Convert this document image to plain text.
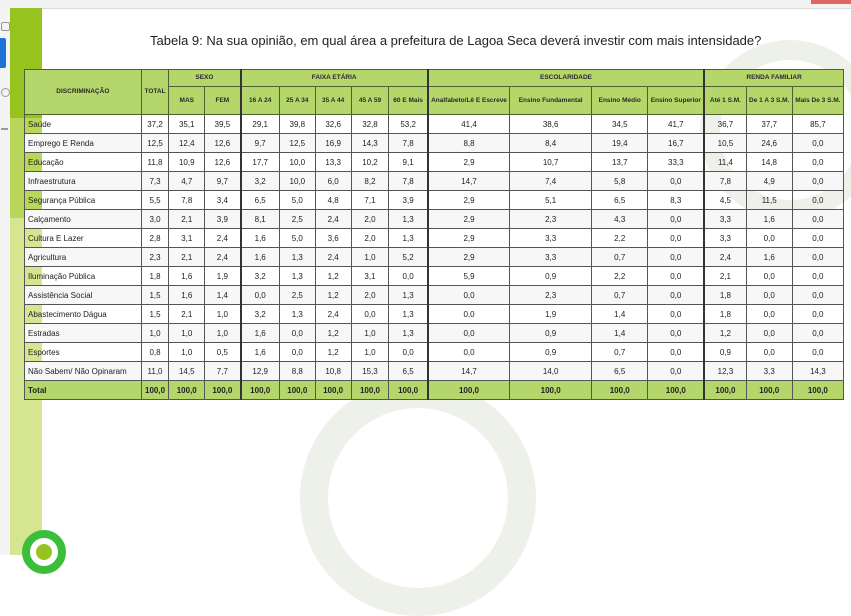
Tabela 9: Na sua opinião, em qual área a prefeitura de Lagoa Seca deverá investir com mais intensidade?
DISCRIMINAÇÃO	TOTAL	SEXO		FAIXA ETÁRIA					ESCOLARIDADE				RENDA FAMILIAR		
		MAS	FEM	16 A 24	25 A 34	35 A 44	45 A 59	60 E Mais	Analfabeto/Lê E Escreve	Ensino Fundamental	Ensino Médio	Ensino Superior	Até 1 S.M.	De 1 A 3 S.M.	Mais De 3 S.M.
Saúde	37,2	35,1	39,5	29,1	39,8	32,6	32,8	53,2	41,4	38,6	34,5	41,7	36,7	37,7	85,7
Emprego E Renda	12,5	12,4	12,6	9,7	12,5	16,9	14,3	7,8	8,8	8,4	19,4	16,7	10,5	24,6	0,0
Educação	11,8	10,9	12,6	17,7	10,0	13,3	10,2	9,1	2,9	10,7	13,7	33,3	11,4	14,8	0,0
Infraestrutura	7,3	4,7	9,7	3,2	10,0	6,0	8,2	7,8	14,7	7,4	5,8	0,0	7,8	4,9	0,0
Segurança Pública	5,5	7,8	3,4	6,5	5,0	4,8	7,1	3,9	2,9	5,1	6,5	8,3	4,5	11,5	0,0
Calçamento	3,0	2,1	3,9	8,1	2,5	2,4	2,0	1,3	2,9	2,3	4,3	0,0	3,3	1,6	0,0
Cultura E Lazer	2,8	3,1	2,4	1,6	5,0	3,6	2,0	1,3	2,9	3,3	2,2	0,0	3,3	0,0	0,0
Agricultura	2,3	2,1	2,4	1,6	1,3	2,4	1,0	5,2	2,9	3,3	0,7	0,0	2,4	1,6	0,0
Iluminação Pública	1,8	1,6	1,9	3,2	1,3	1,2	3,1	0,0	5,9	0,9	2,2	0,0	2,1	0,0	0,0
Assistência Social	1,5	1,6	1,4	0,0	2,5	1,2	2,0	1,3	0,0	2,3	0,7	0,0	1,8	0,0	0,0
Abastecimento Dágua	1,5	2,1	1,0	3,2	1,3	2,4	0,0	1,3	0,0	1,9	1,4	0,0	1,8	0,0	0,0
Estradas	1,0	1,0	1,0	1,6	0,0	1,2	1,0	1,3	0,0	0,9	1,4	0,0	1,2	0,0	0,0
Esportes	0,8	1,0	0,5	1,6	0,0	1,2	1,0	0,0	0,0	0,9	0,7	0,0	0,9	0,0	0,0
Não Sabem/ Não Opinaram	11,0	14,5	7,7	12,9	8,8	10,8	15,3	6,5	14,7	14,0	6,5	0,0	12,3	3,3	14,3
Total	100,0	100,0	100,0	100,0	100,0	100,0	100,0	100,0	100,0	100,0	100,0	100,0	100,0	100,0	100,0
